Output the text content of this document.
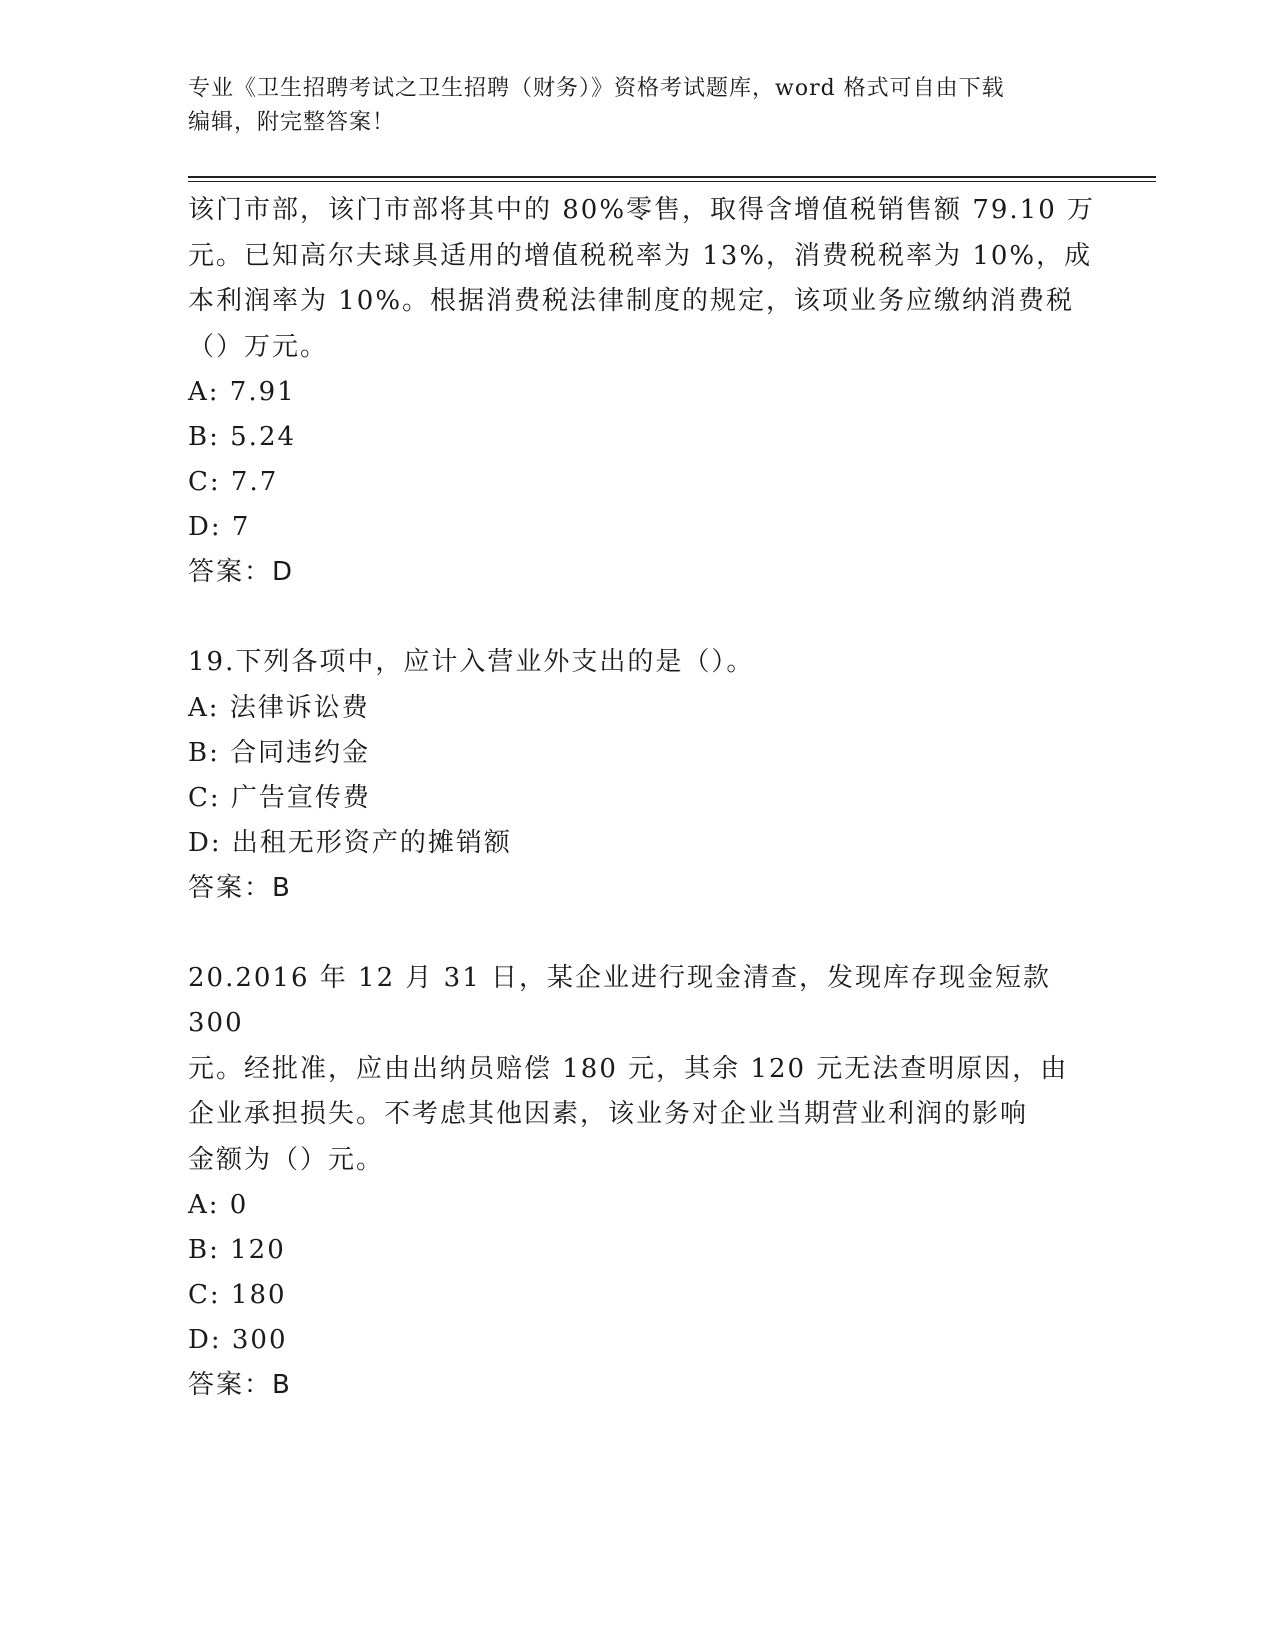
专业《卫生招聘考试之卫生招聘（财务）》资格考试题库，word 格式可自由下载
编辑，附完整答案！
该门市部，该门市部将其中的 80%零售，取得含增值税销售额 79.10 万
元。已知高尔夫球具适用的增值税税率为 13%，消费税税率为 10%，成
本利润率为 10%。根据消费税法律制度的规定，该项业务应缴纳消费税
（）万元。
A: 7.91
B: 5.24
C: 7.7
D: 7
答案：D
19.下列各项中，应计入营业外支出的是（）。
A: 法律诉讼费
B: 合同违约金
C: 广告宣传费
D: 出租无形资产的摊销额
答案：B
20.2016 年 12 月 31 日，某企业进行现金清查，发现库存现金短款 300
元。经批准，应由出纳员赔偿 180 元，其余 120 元无法查明原因，由
企业承担损失。不考虑其他因素，该业务对企业当期营业利润的影响
金额为（）元。
A: 0
B: 120
C: 180
D: 300
答案：B
